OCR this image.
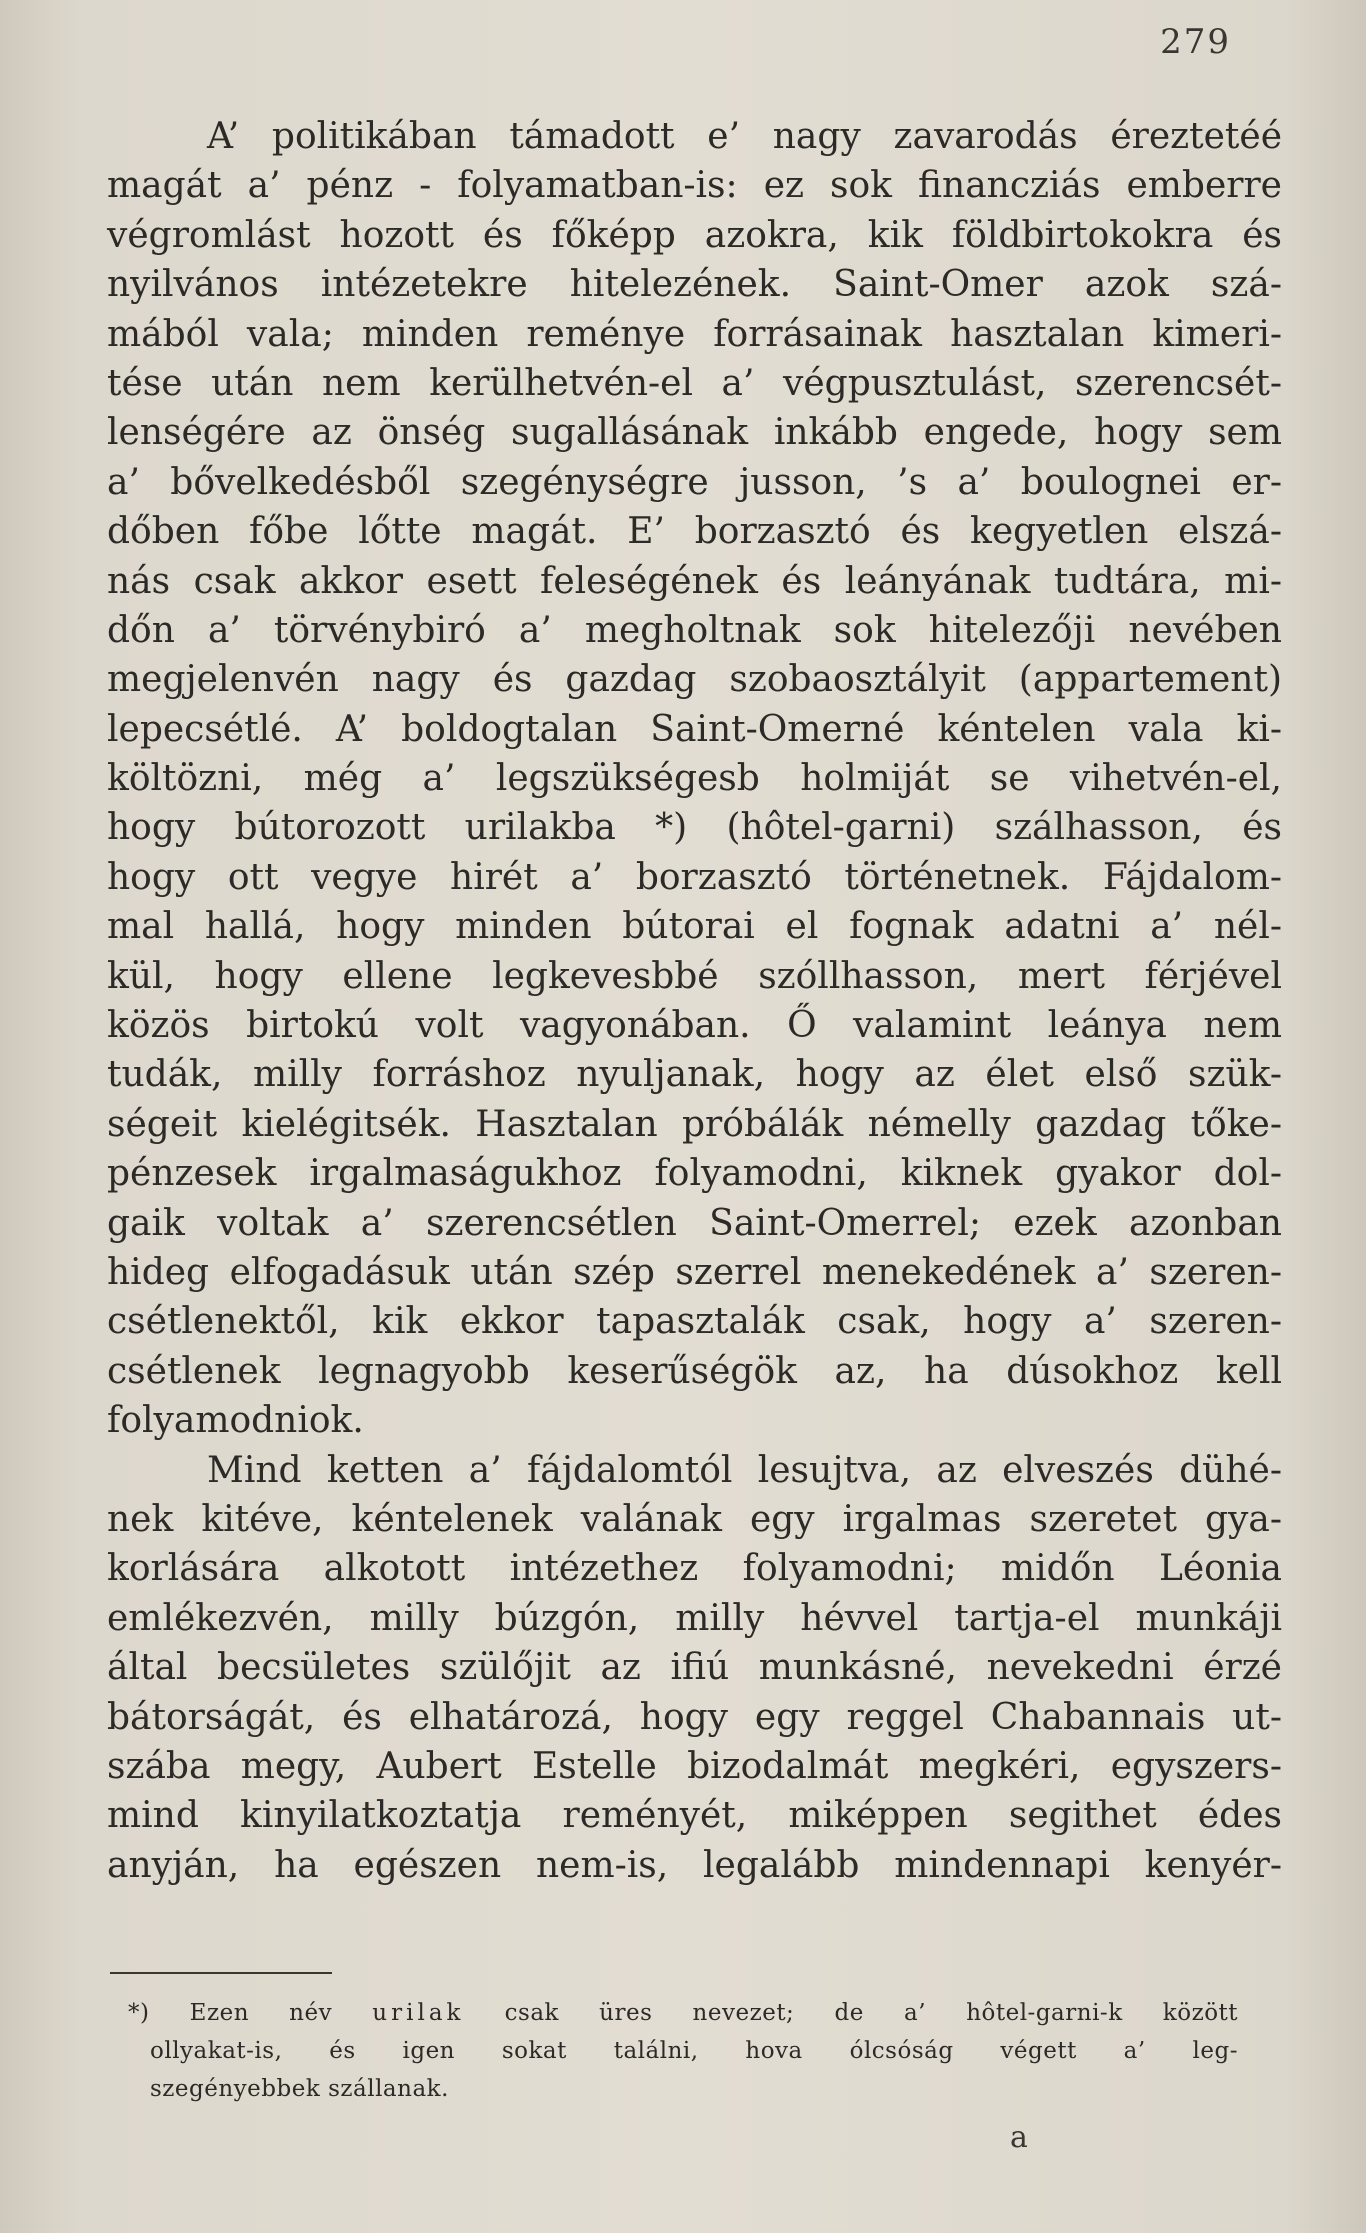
279
A’ politikában támadott e’ nagy zavarodás éreztetéé
magát a’ pénz - folyamatban-is: ez sok financziás emberre
végromlást hozott és főképp azokra, kik földbirtokokra és
nyilvános intézetekre hitelezének. Saint-Omer azok szá-
mából vala; minden reménye forrásainak hasztalan kimeri-
tése után nem kerülhetvén-el a’ végpusztulást, szerencsét-
lenségére az önség sugallásának inkább engede, hogy sem
a’ bővelkedésből szegénységre jusson, ’s a’ boulognei er-
dőben főbe lőtte magát. E’ borzasztó és kegyetlen elszá-
nás csak akkor esett feleségének és leányának tudtára, mi-
dőn a’ törvénybiró a’ megholtnak sok hitelezőji nevében
megjelenvén nagy és gazdag szobaosztályit (appartement)
lepecsétlé. A’ boldogtalan Saint-Omerné kéntelen vala ki-
költözni, még a’ legszükségesb holmiját se vihetvén-el,
hogy bútorozott urilakba *) (hôtel-garni) szálhasson, és
hogy ott vegye hirét a’ borzasztó történetnek. Fájdalom-
mal hallá, hogy minden bútorai el fognak adatni a’ nél-
kül, hogy ellene legkevesbbé szóllhasson, mert férjével
közös birtokú volt vagyonában. Ő valamint leánya nem
tudák, milly forráshoz nyuljanak, hogy az élet első szük-
ségeit kielégitsék. Hasztalan próbálák némelly gazdag tőke-
pénzesek irgalmaságukhoz folyamodni, kiknek gyakor dol-
gaik voltak a’ szerencsétlen Saint-Omerrel; ezek azonban
hideg elfogadásuk után szép szerrel menekedének a’ szeren-
csétlenektől, kik ekkor tapasztalák csak, hogy a’ szeren-
csétlenek legnagyobb keserűségök az, ha dúsokhoz kell
folyamodniok.
Mind ketten a’ fájdalomtól lesujtva, az elveszés dühé-
nek kitéve, kéntelenek valának egy irgalmas szeretet gya-
korlására alkotott intézethez folyamodni; midőn Léonia
emlékezvén, milly búzgón, milly hévvel tartja-el munkáji
által becsületes szülőjit az ifiú munkásné, nevekedni érzé
bátorságát, és elhatározá, hogy egy reggel Chabannais ut-
szába megy, Aubert Estelle bizodalmát megkéri, egyszers-
mind kinyilatkoztatja reményét, miképpen segithet édes
anyján, ha egészen nem-is, legalább mindennapi kenyér-
*) Ezen név urilak csak üres nevezet; de a’ hôtel-garni-k között
ollyakat-is, és igen sokat találni, hova ólcsóság végett a’ leg-
szegényebbek szállanak.
a
